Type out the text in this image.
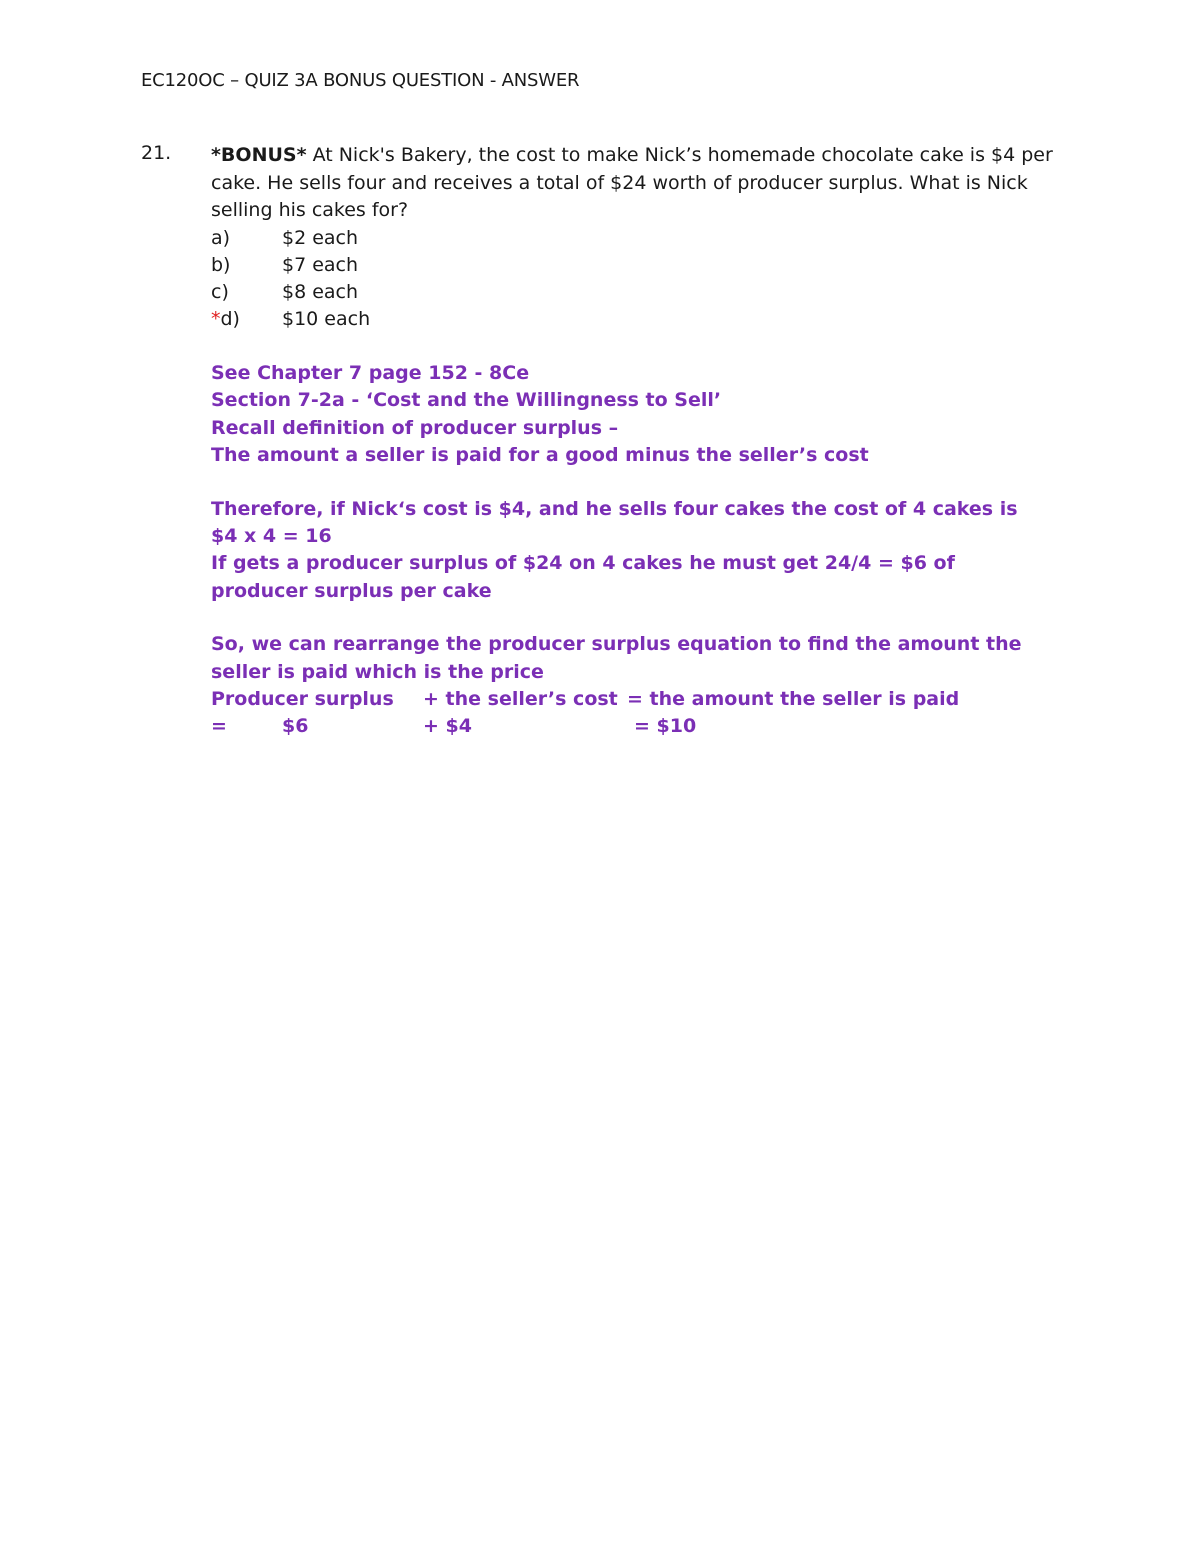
EC120OC – QUIZ 3A BONUS QUESTION - ANSWER
21. *BONUS* At Nick's Bakery, the cost to make Nick’s homemade chocolate cake is $4 per cake. He sells four and receives a total of $24 worth of producer surplus. What is Nick selling his cakes for?

a)	$2 each
b)	$7 each
c)	$8 each
*d) $10 each

See Chapter 7 page 152 - 8Ce

Section 7-2a - ‘Cost and the Willingness to Sell’

Recall definition of producer surplus –

The amount a seller is paid for a good minus the seller’s cost

Therefore, if Nick‘s cost is $4, and he sells four cakes the cost of 4 cakes is

$4 x 4 = 16

If gets a producer surplus of $24 on 4 cakes he must get 24/4 = $6 of

producer surplus per cake

So, we can rearrange the producer surplus equation to find the amount the

seller is paid which is the price

Producer surplus + the seller’s cost = the amount the seller is paid
=	$6	+ $4	= $10
